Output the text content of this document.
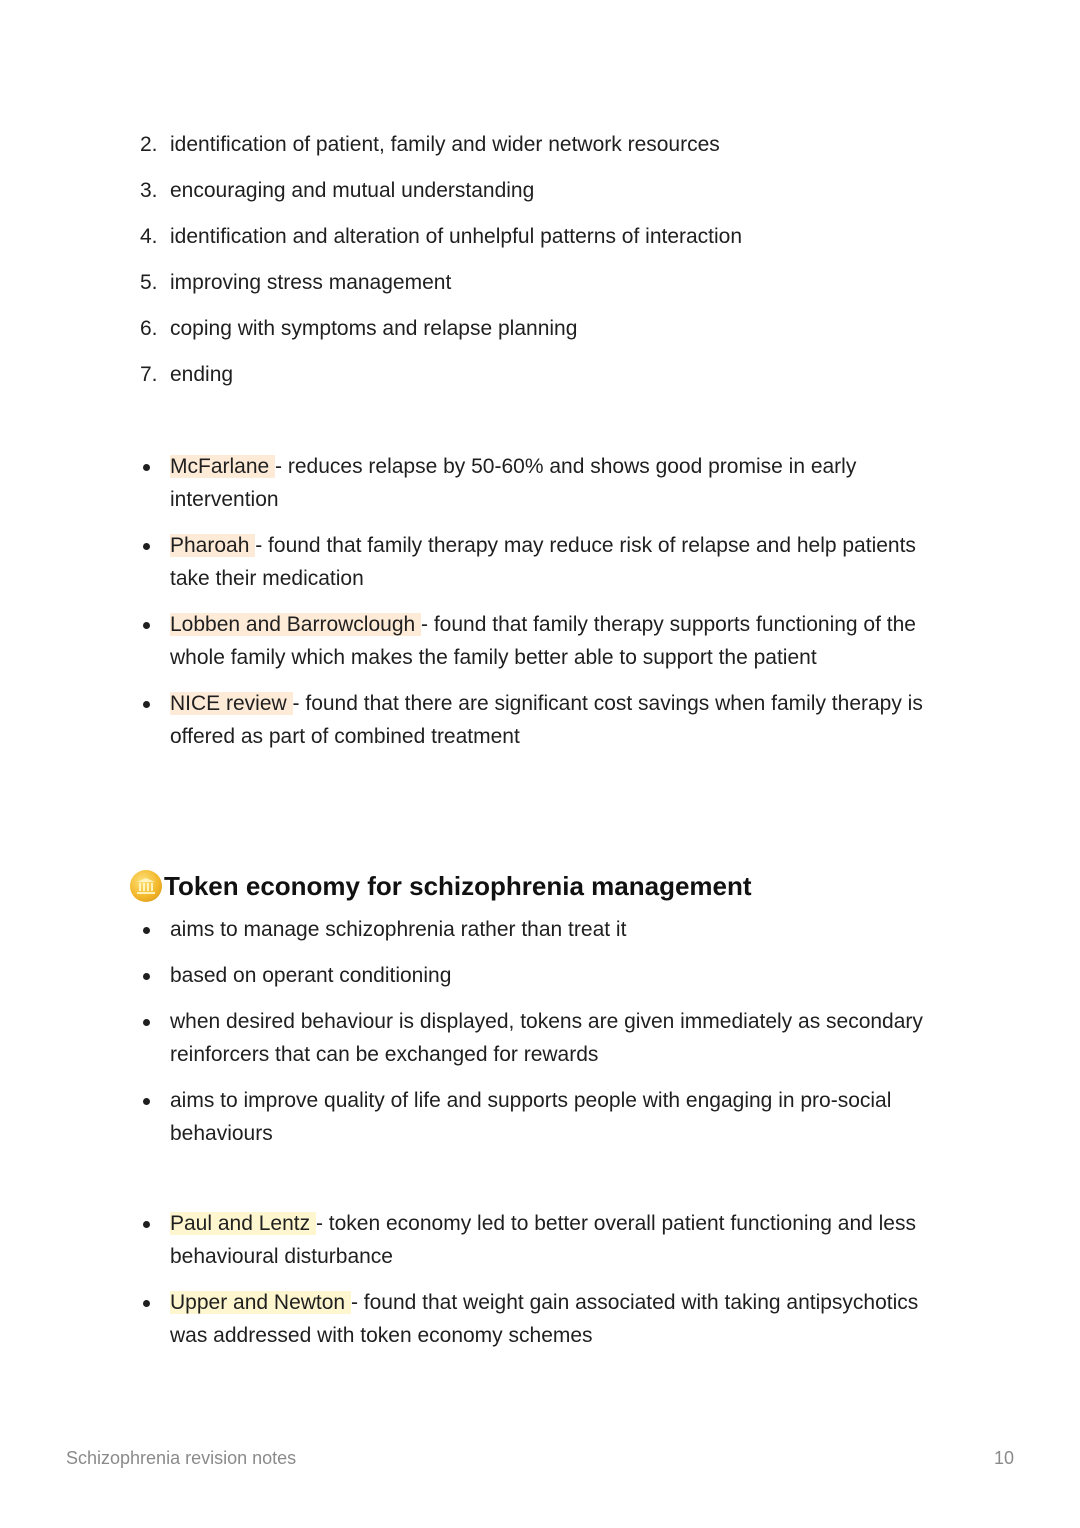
2. identification of patient, family and wider network resources
3. encouraging and mutual understanding
4. identification and alteration of unhelpful patterns of interaction
5. improving stress management
6. coping with symptoms and relapse planning
7. ending
McFarlane - reduces relapse by 50-60% and shows good promise in early intervention
Pharoah - found that family therapy may reduce risk of relapse and help patients take their medication
Lobben and Barrowclough - found that family therapy supports functioning of the whole family which makes the family better able to support the patient
NICE review - found that there are significant cost savings when family therapy is offered as part of combined treatment
Token economy for schizophrenia management
aims to manage schizophrenia rather than treat it
based on operant conditioning
when desired behaviour is displayed, tokens are given immediately as secondary reinforcers that can be exchanged for rewards
aims to improve quality of life and supports people with engaging in pro-social behaviours
Paul and Lentz - token economy led to better overall patient functioning and less behavioural disturbance
Upper and Newton - found that weight gain associated with taking antipsychotics was addressed with token economy schemes
Schizophrenia revision notes	10
